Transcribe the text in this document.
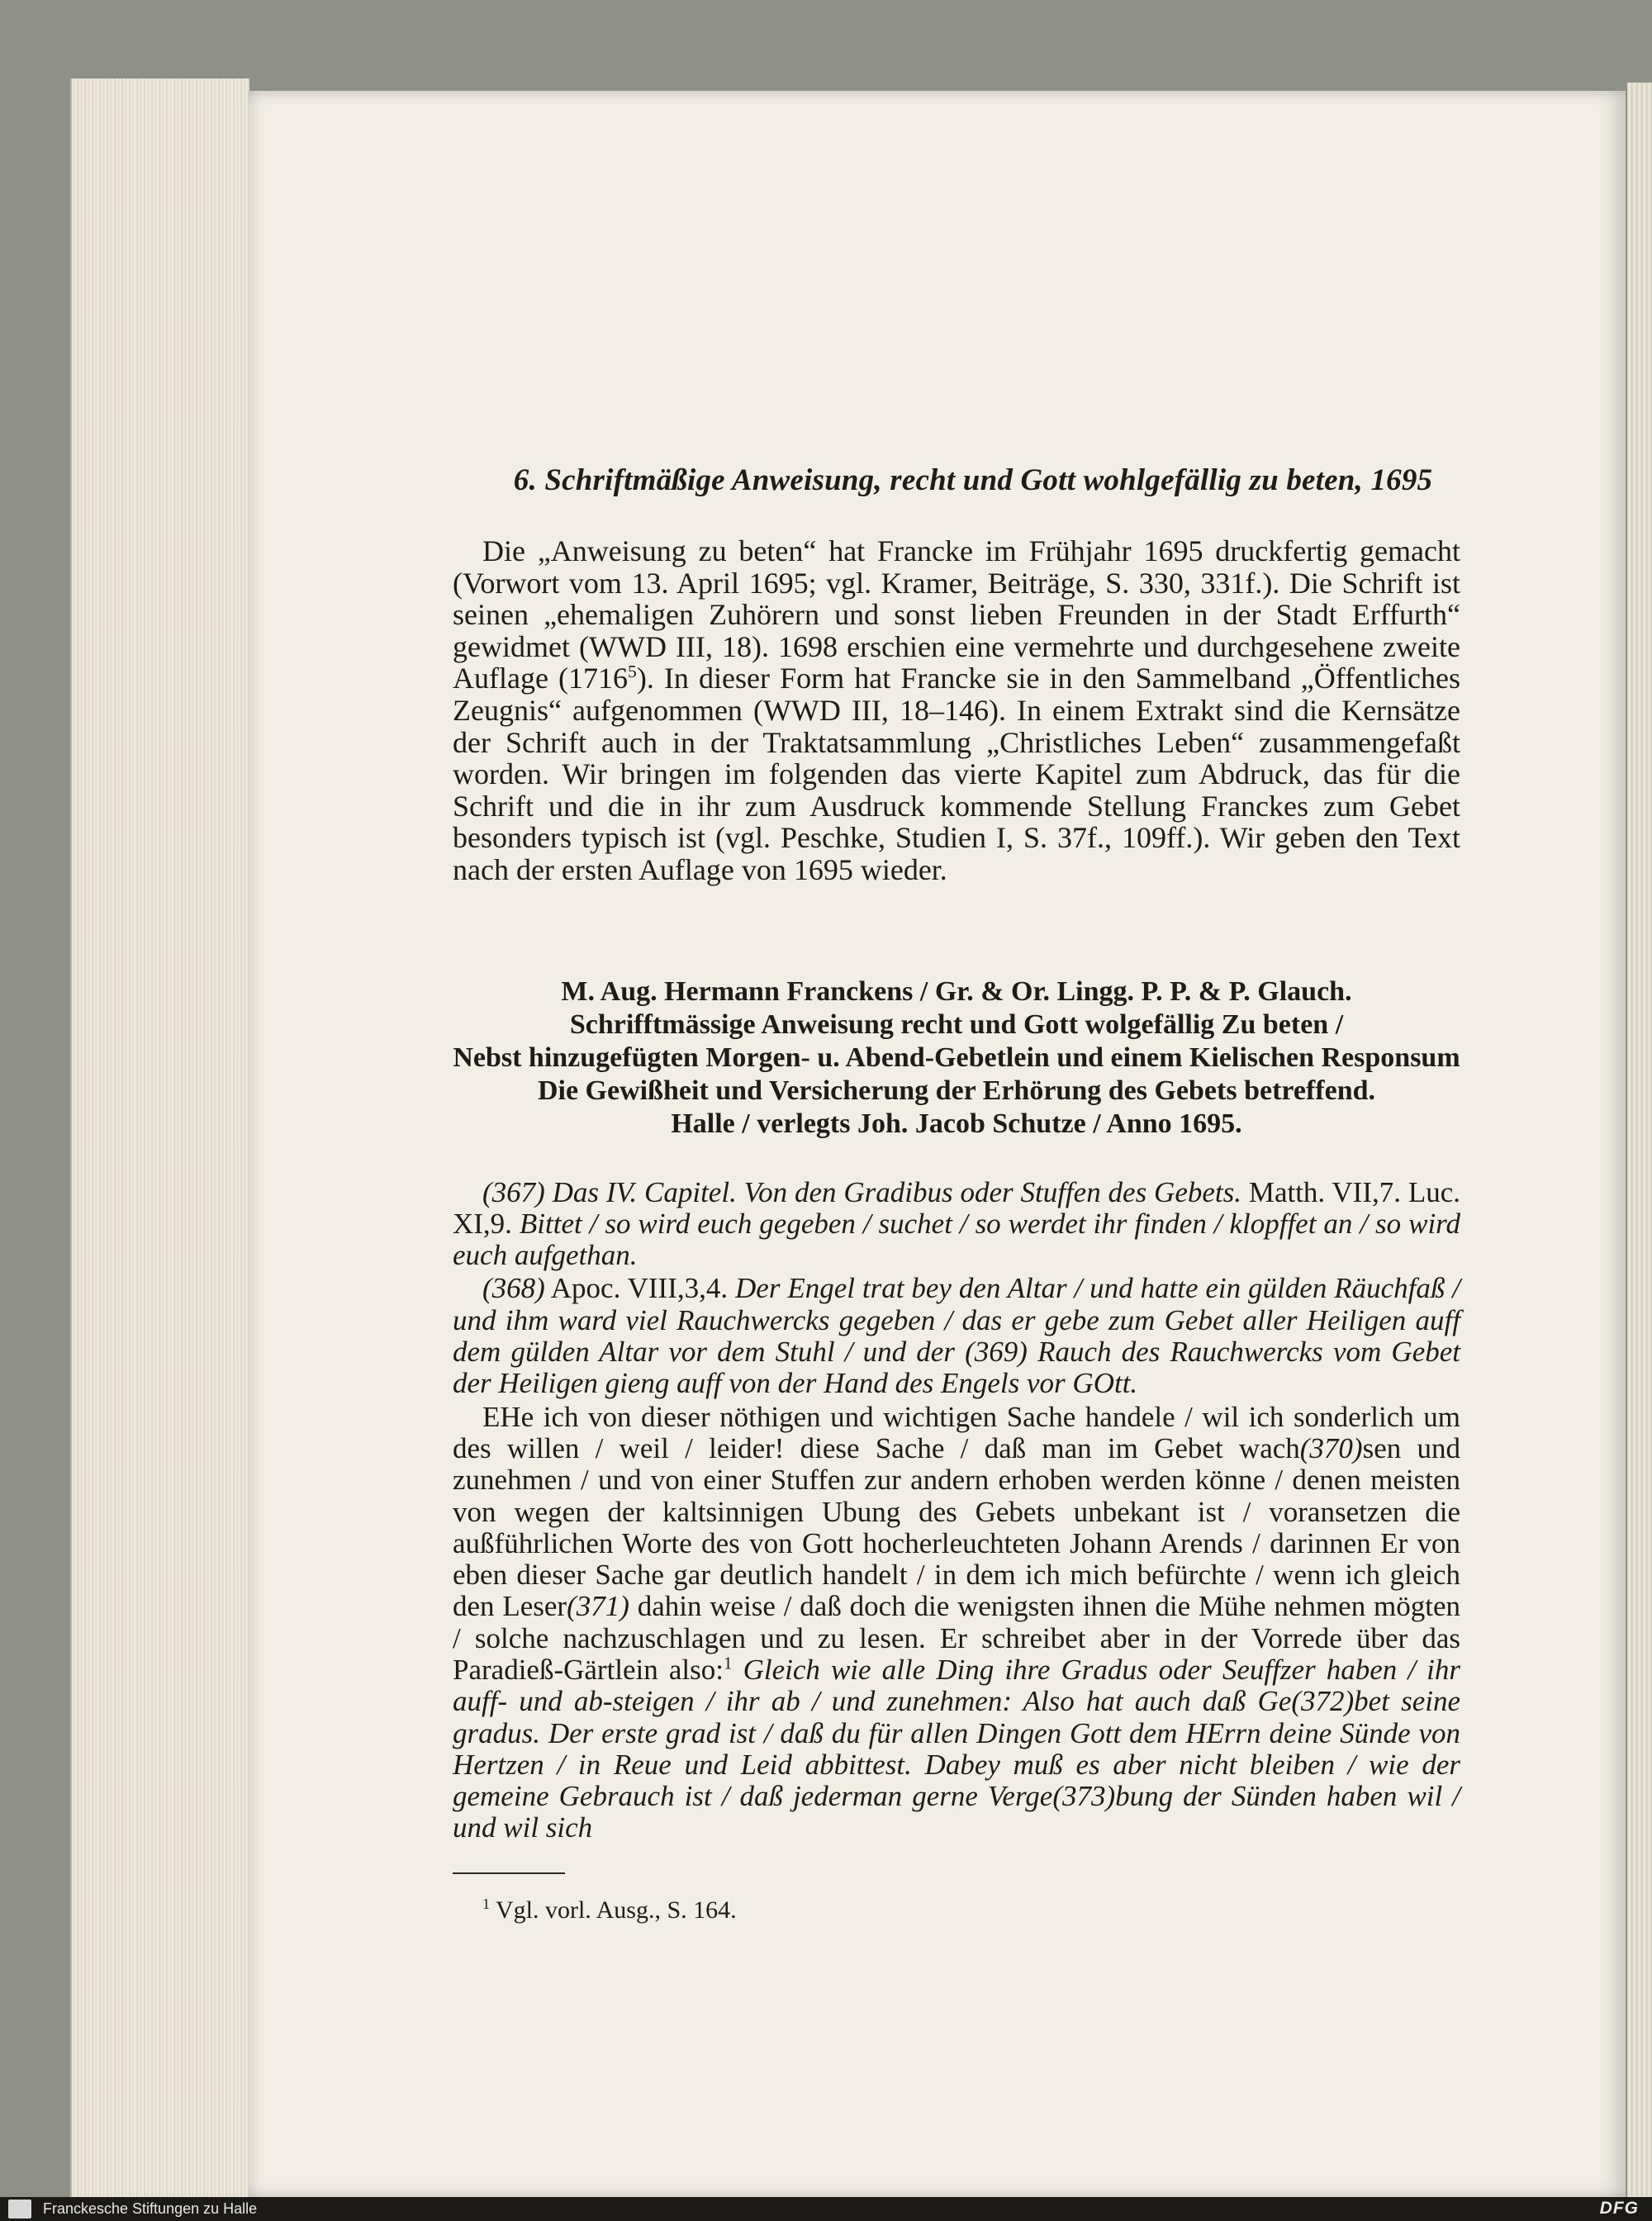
6. Schriftmäßige Anweisung, recht und Gott wohlgefällig zu beten, 1695

Die „Anweisung zu beten“ hat Francke im Frühjahr 1695 druckfertig gemacht (Vorwort vom 13. April 1695; vgl. Kramer, Beiträge, S. 330, 331f.). Die Schrift ist seinen „ehemaligen Zuhörern und sonst lieben Freunden in der Stadt Erffurth“ gewidmet (WWD III, 18). 1698 erschien eine vermehrte und durchgesehene zweite Auflage (1716$^5$). In dieser Form hat Francke sie in den Sammelband „Öffentliches Zeugnis“ aufgenommen (WWD III, 18–146). In einem Extrakt sind die Kernsätze der Schrift auch in der Traktatsammlung „Christliches Leben“ zusammengefaßt worden. Wir bringen im folgenden das vierte Kapitel zum Abdruck, das für die Schrift und die in ihr zum Ausdruck kommende Stellung Franckes zum Gebet besonders typisch ist (vgl. Peschke, Studien I, S. 37f., 109ff.). Wir geben den Text nach der ersten Auflage von 1695 wieder.

M. Aug. Hermann Franckens / Gr. & Or. Lingg. P. P. & P. Glauch.
Schrifftmässige Anweisung recht und Gott wolgefällig Zu beten /
Nebst hinzugefügten Morgen- u. Abend-Gebetlein und einem Kielischen Responsum
Die Gewißheit und Versicherung der Erhörung des Gebets betreffend.
Halle / verlegts Joh. Jacob Schutze / Anno 1695.

(367) Das IV. Capitel. Von den Gradibus oder Stuffen des Gebets. Matth. VII,7. Luc. XI,9. Bittet / so wird euch gegeben / suchet / so werdet ihr finden / klopffet an / so wird euch aufgethan.

(368) Apoc. VIII,3,4. Der Engel trat bey den Altar / und hatte ein gülden Räuchfaß / und ihm ward viel Rauchwercks gegeben / das er gebe zum Gebet aller Heiligen auff dem gülden Altar vor dem Stuhl / und der (369) Rauch des Rauchwercks vom Gebet der Heiligen gieng auff von der Hand des Engels vor GOtt.

EHe ich von dieser nöthigen und wichtigen Sache handele / wil ich sonderlich um des willen / weil / leider! diese Sache / daß man im Gebet wach(370)sen und zunehmen / und von einer Stuffen zur andern erhoben werden könne / denen meisten von wegen der kaltsinnigen Ubung des Gebets unbekant ist / voransetzen die außführlichen Worte des von Gott hocherleuchteten Johann Arends / darinnen Er von eben dieser Sache gar deutlich handelt / in dem ich mich befürchte / wenn ich gleich den Leser(371) dahin weise / daß doch die wenigsten ihnen die Mühe nehmen mögten / solche nachzuschlagen und zu lesen. Er schreibet aber in der Vorrede über das Paradieß-Gärtlein also:$^1$ Gleich wie alle Ding ihre Gradus oder Seuffzer haben / ihr auff- und ab-steigen / ihr ab / und zunehmen: Also hat auch daß Ge(372)bet seine gradus. Der erste grad ist / daß du für allen Dingen Gott dem HErrn deine Sünde von Hertzen / in Reue und Leid abbittest. Dabey muß es aber nicht bleiben / wie der gemeine Gebrauch ist / daß jederman gerne Verge(373)bung der Sünden haben wil / und wil sich

$^1$ Vgl. vorl. Ausg., S. 164.

Franckesche Stiftungen zu Halle	DFG
